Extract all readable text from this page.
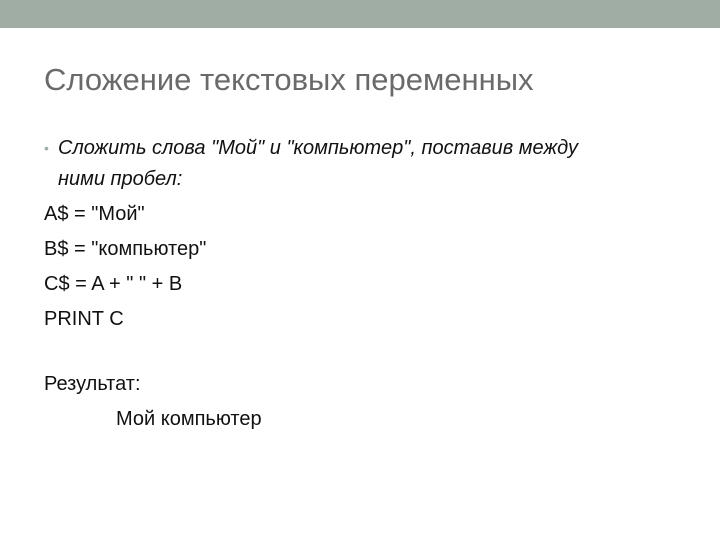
Сложение текстовых переменных
• Сложить слова "Мой" и "компьютер", поставив между ними пробел:
A$ = "Мой"
B$ = "компьютер"
C$ = A + " " + B
PRINT C
Результат:
Мой компьютер
